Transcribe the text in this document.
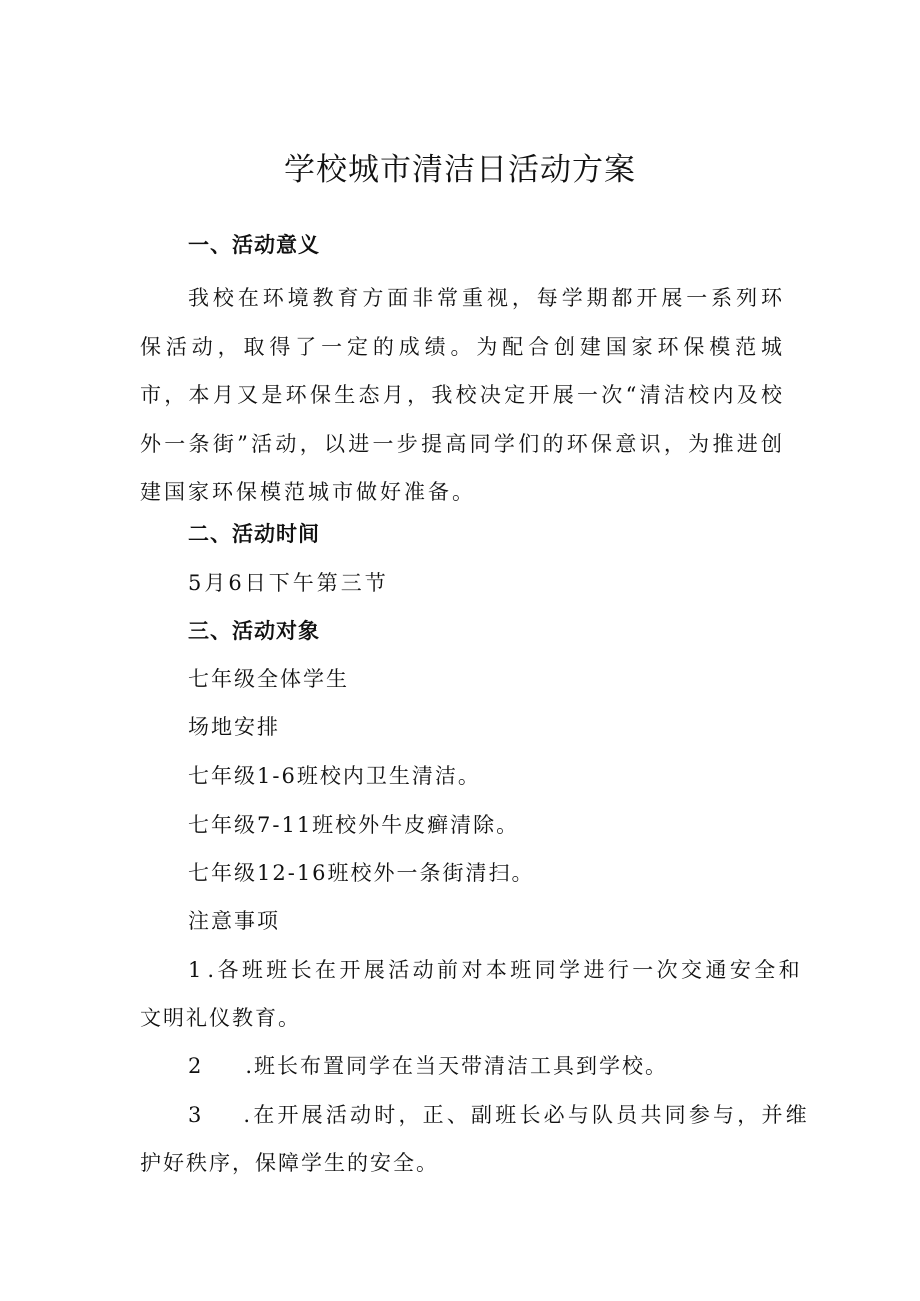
学校城市清洁日活动方案
一、活动意义

我校在环境教育方面非常重视，每学期都开展一系列环保活动，取得了一定的成绩。为配合创建国家环保模范城市，本月又是环保生态月，我校决定开展一次“清洁校内及校外一条街”活动，以进一步提高同学们的环保意识，为推进创建国家环保模范城市做好准备。

二、活动时间
5月6日下午第三节
三、活动对象
七年级全体学生
场地安排
七年级1-6班校内卫生清洁。
七年级7-11班校外牛皮癣清除。
七年级12-16班校外一条街清扫。
注意事项
1 .各班班长在开展活动前对本班同学进行一次交通安全和
文明礼仪教育。
2 .班长布置同学在当天带清洁工具到学校。
3 .在开展活动时，正、副班长必与队员共同参与，并维
护好秩序，保障学生的安全。
